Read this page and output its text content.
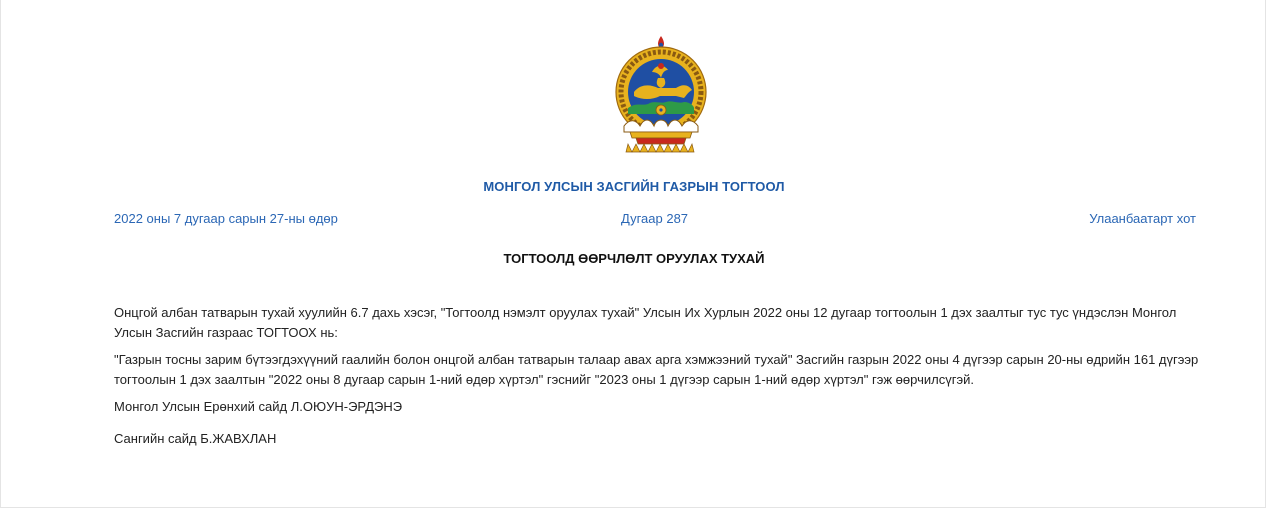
МОНГОЛ УЛСЫН ЗАСГИЙН ГАЗРЫН ТОГТООЛ
2022 оны 7 дугаар сарын 27-ны өдөр	Дугаар 287	Улаанбаатарт хот
ТОГТООЛД ӨӨРЧЛӨЛТ ОРУУЛАХ ТУХАЙ

Онцгой албан татварын тухай хуулийн 6.7 дахь хэсэг, "Тогтоолд нэмэлт оруулах тухай" Улсын Их Хурлын 2022 оны 12 дугаар тогтоолын 1 дэх заалтыг тус тус үндэслэн Монгол Улсын Засгийн газраас ТОГТООХ нь:

"Газрын тосны зарим бүтээгдэхүүний гаалийн болон онцгой албан татварын талаар авах арга хэмжээний тухай" Засгийн газрын 2022 оны 4 дүгээр сарын 20-ны өдрийн 161 дүгээр тогтоолын 1 дэх заалтын "2022 оны 8 дугаар сарын 1-ний өдөр хүртэл" гэснийг "2023 оны 1 дүгээр сарын 1-ний өдөр хүртэл" гэж өөрчилсүгэй.

Монгол Улсын Ерөнхий сайд Л.ОЮУН-ЭРДЭНЭ

Сангийн сайд Б.ЖАВХЛАН
